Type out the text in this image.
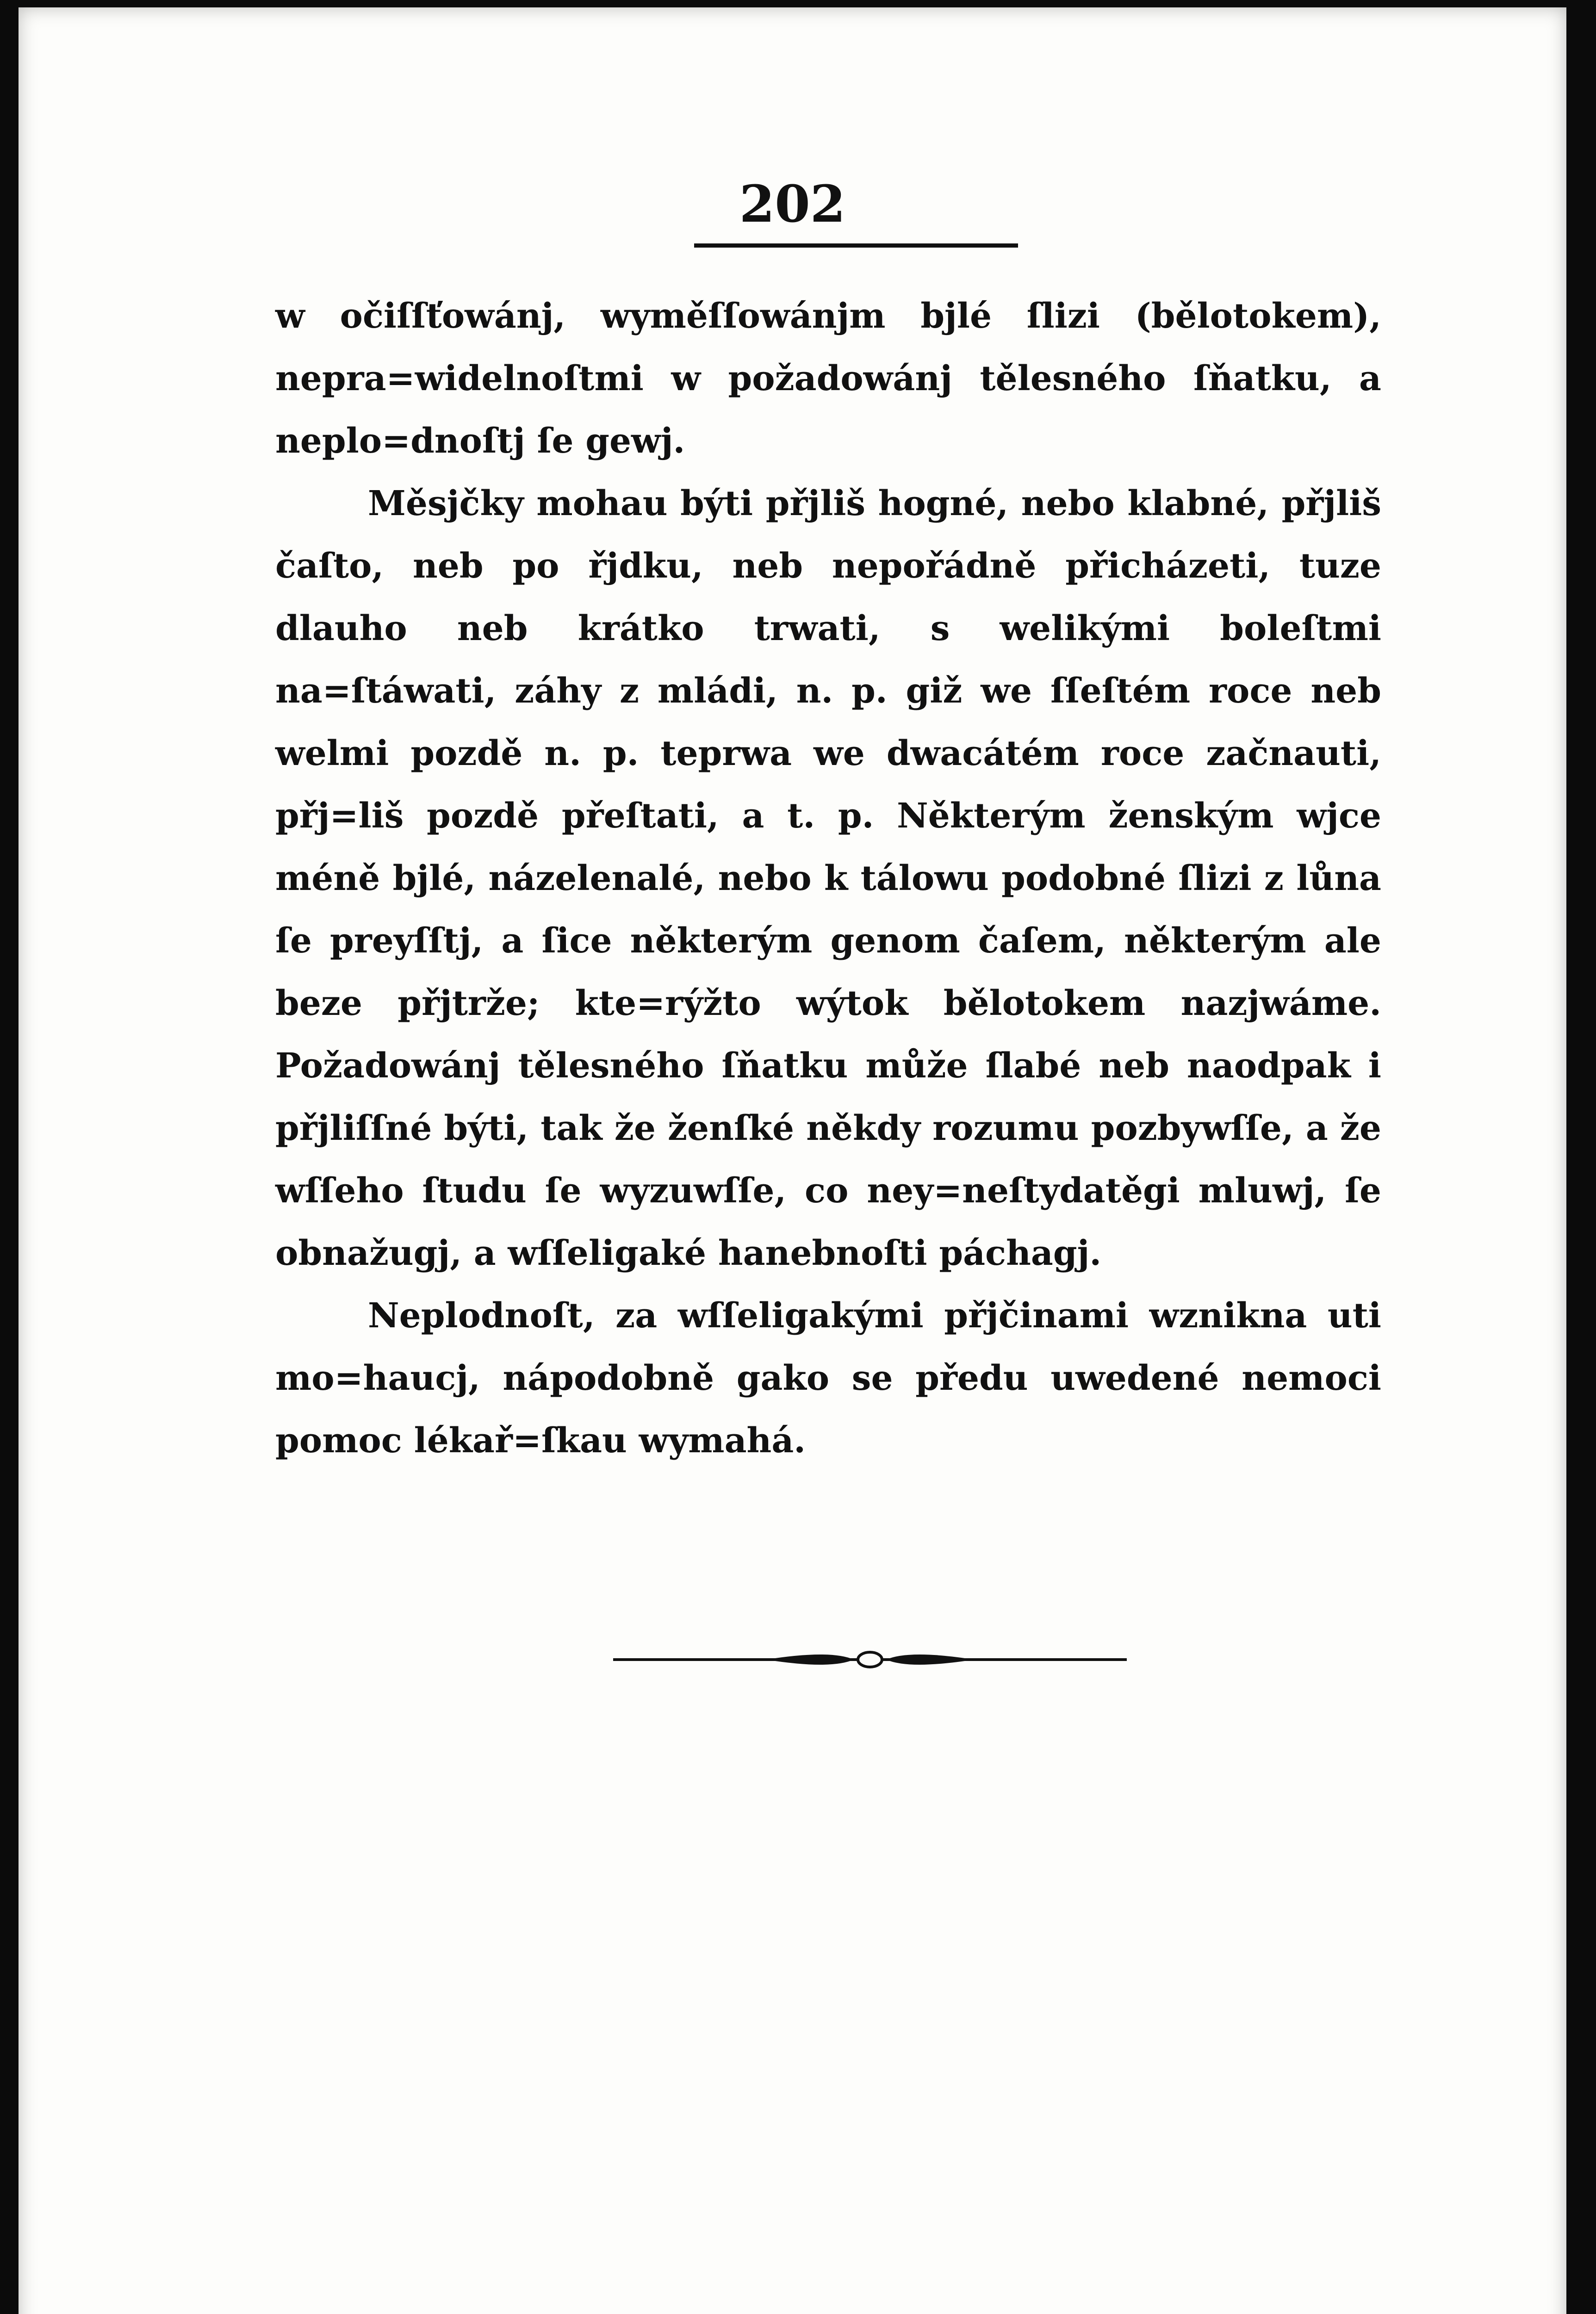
202

w očiſſťowánj, wyměſſowánjm bjlé ſlizi (bělotokem), nepra=widelnoſtmi w požadowánj tělesného ſňatku, a neplo=dnoſtj ſe gewj.

Měsjčky mohau býti přjliš hogné, nebo klabné, přjliš čaſto, neb po řjdku, neb nepořádně přicházeti, tuze dlauho neb krátko trwati, s welikými boleſtmi na=ſtáwati, záhy z mládi, n. p. giž we ſſeſtém roce neb welmi pozdě n. p. teprwa we dwacátém roce začnauti, přj=liš pozdě přeſtati, a t. p. Některým ženským wjce méně bjlé, názelenalé, nebo k tálowu podobné ſlizi z lůna ſe preyſſtj, a ſice některým genom čaſem, některým ale beze přjtrže; kte=rýžto wýtok bělotokem nazjwáme. Požadowánj tělesného ſňatku může ſlabé neb naodpak i přjliſſné býti, tak že ženſké někdy rozumu pozbywſſe, a že wſſeho ſtudu ſe wyzuwſſe, co ney=neſtydatěgi mluwj, ſe obnažugj, a wſſeligaké hanebnoſti páchagj.

Neplodnoſt, za wſſeligakými přjčinami wznikna uti mo=haucj, nápodobně gako se předu uwedené nemoci pomoc lékař=ſkau wymahá.
